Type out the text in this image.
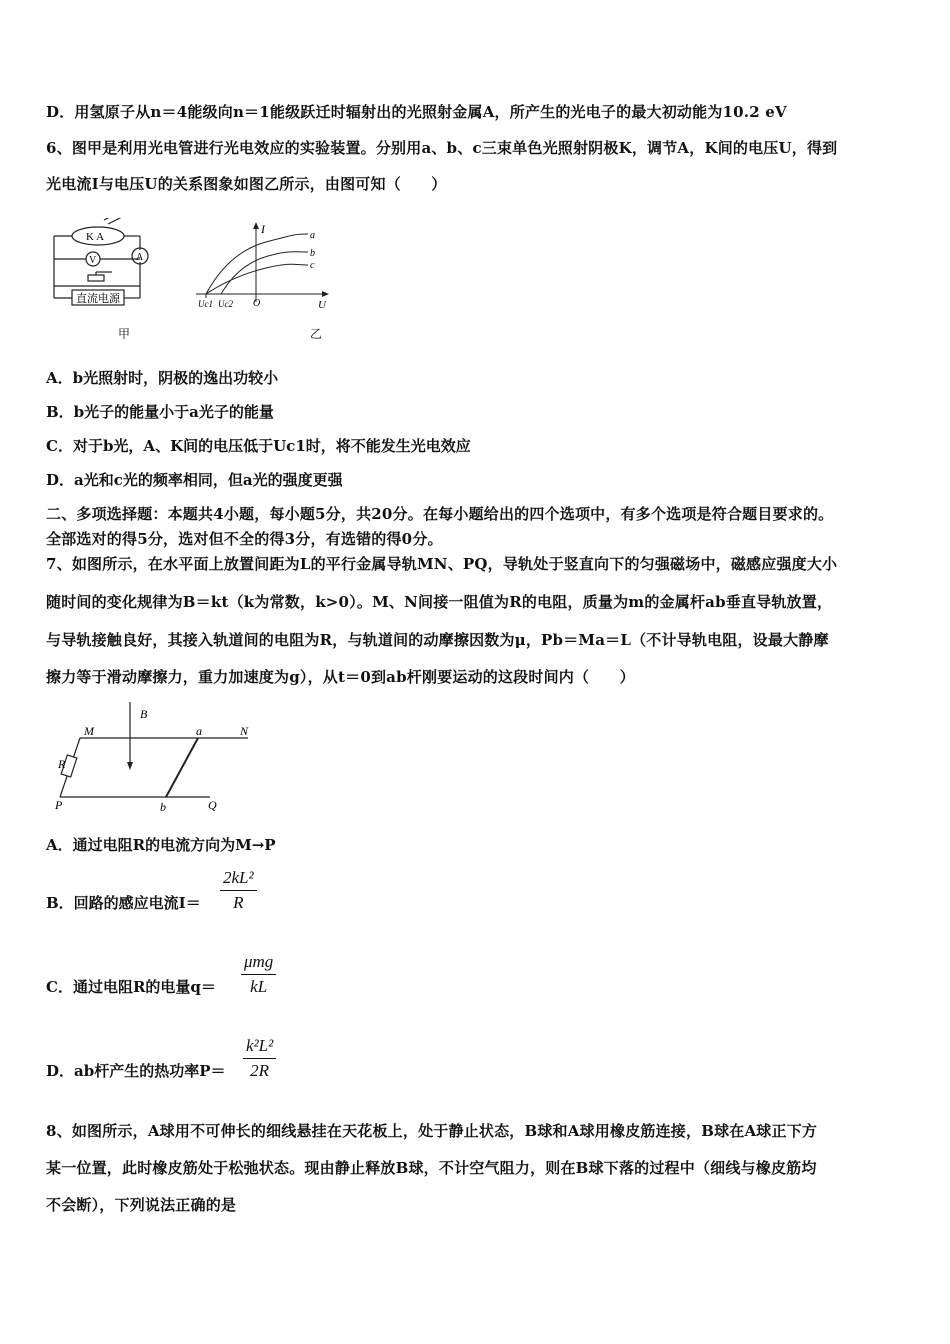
D．用氢原子从n＝4能级向n＝1能级跃迁时辐射出的光照射金属A，所产生的光电子的最大初动能为10.2 eV
6、图甲是利用光电管进行光电效应的实验装置。分别用a、b、c三束单色光照射阴极K，调节A，K间的电压U，得到
光电流I与电压U的关系图象如图乙所示，由图可知（　　）
K A
V	A
直流电源
甲
I
U
O
Uc1 Uc2
a
b
c
乙
A．b光照射时，阴极的逸出功较小
B．b光子的能量小于a光子的能量
C．对于b光，A、K间的电压低于Uc1时，将不能发生光电效应
D．a光和c光的频率相同，但a光的强度更强
二、多项选择题：本题共4小题，每小题5分，共20分。在每小题给出的四个选项中，有多个选项是符合题目要求的。
全部选对的得5分，选对但不全的得3分，有选错的得0分。
7、如图所示，在水平面上放置间距为L的平行金属导轨MN、PQ，导轨处于竖直向下的匀强磁场中，磁感应强度大小
随时间的变化规律为B＝kt（k为常数，k>0）。M、N间接一阻值为R的电阻，质量为m的金属杆ab垂直导轨放置，
与导轨接触良好，其接入轨道间的电阻为R，与轨道间的动摩擦因数为μ，Pb＝Ma＝L（不计导轨电阻，设最大静摩
擦力等于滑动摩擦力，重力加速度为g），从t＝0到ab杆刚要运动的这段时间内（　　）
B
M	a	N
R
P	b	Q
A．通过电阻R的电流方向为M→P
B．回路的感应电流I＝
2kL²
R
C．通过电阻R的电量q＝
μmg
kL
D．ab杆产生的热功率P＝
k²L²
2R
8、如图所示，A球用不可伸长的细线悬挂在天花板上，处于静止状态，B球和A球用橡皮筋连接，B球在A球正下方
某一位置，此时橡皮筋处于松弛状态。现由静止释放B球，不计空气阻力，则在B球下落的过程中（细线与橡皮筋均
不会断），下列说法正确的是
